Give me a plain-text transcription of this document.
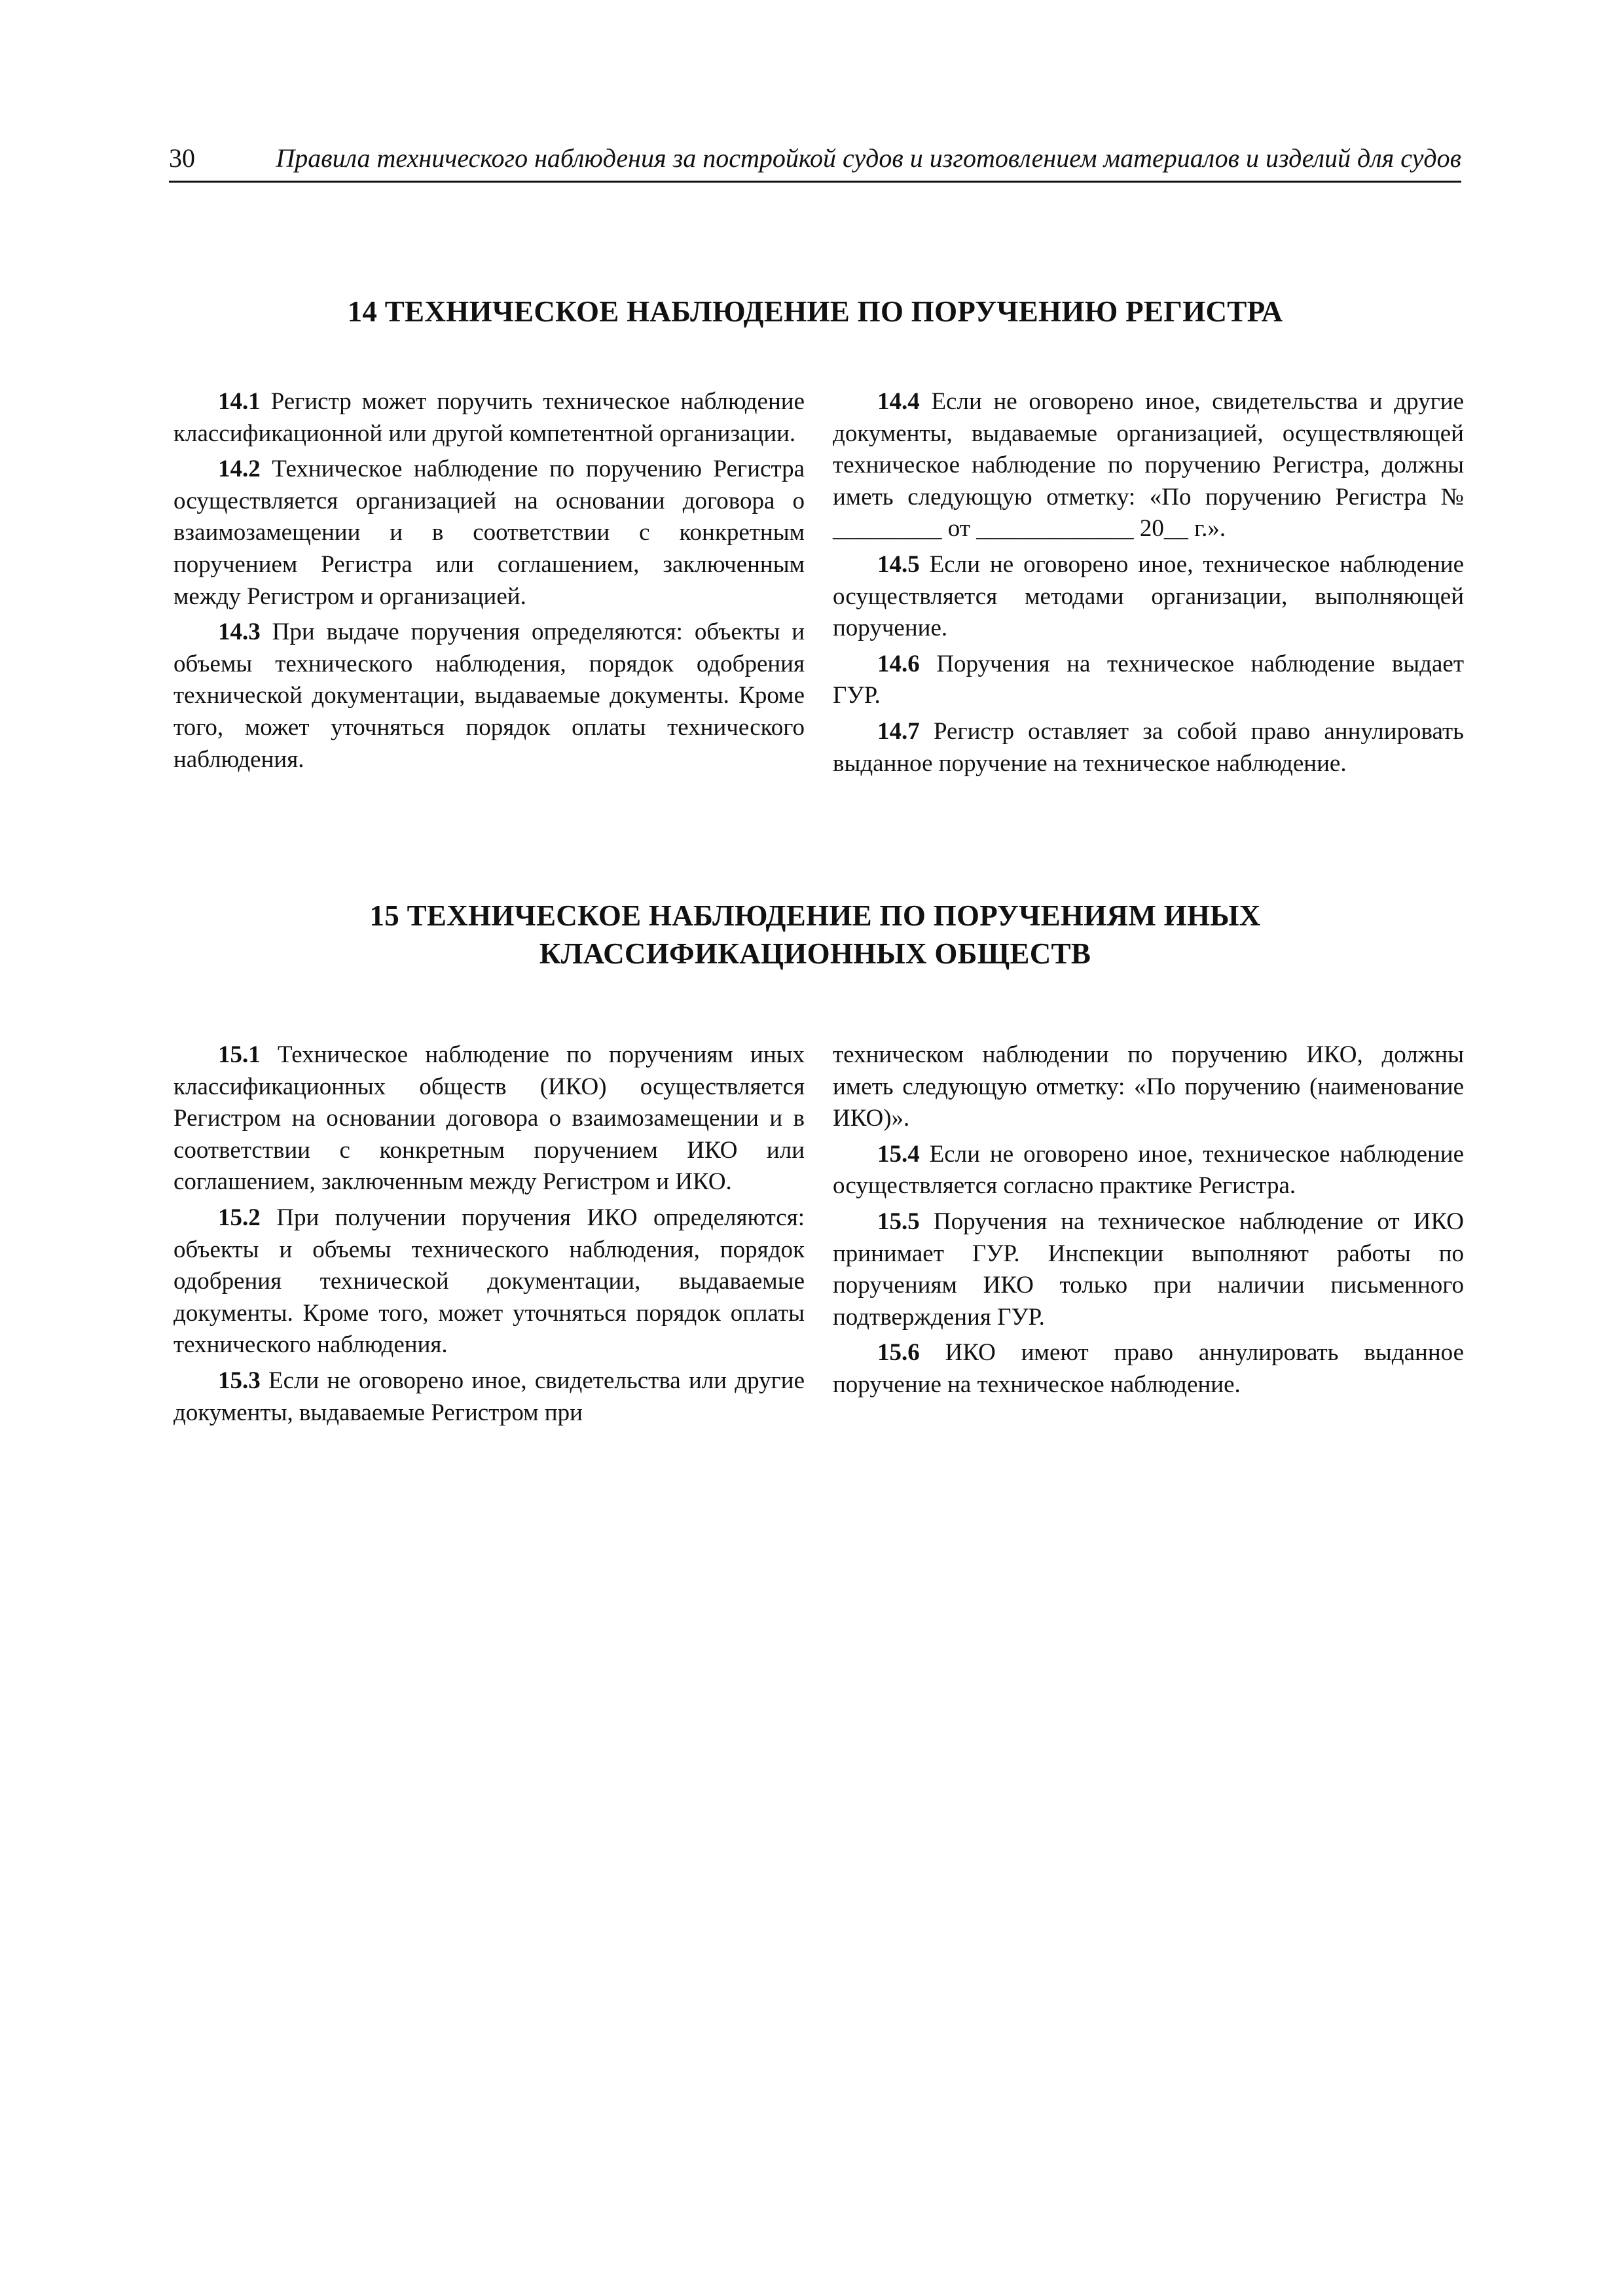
30	Правила технического наблюдения за постройкой судов и изготовлением материалов и изделий для судов
14 ТЕХНИЧЕСКОЕ НАБЛЮДЕНИЕ ПО ПОРУЧЕНИЮ РЕГИСТРА

14.1 Регистр может поручить техническое наблюдение классификационной или другой компетентной организации.

14.2 Техническое наблюдение по поручению Регистра осуществляется организацией на основании договора о взаимозамещении и в соответствии с конкретным поручением Регистра или соглашением, заключенным между Регистром и организацией.

14.3 При выдаче поручения определяются: объекты и объемы технического наблюдения, порядок одобрения технической документации, выдаваемые документы. Кроме того, может уточняться порядок оплаты технического наблюдения.

14.4 Если не оговорено иное, свидетельства и другие документы, выдаваемые организацией, осуществляющей техническое наблюдение по поручению Регистра, должны иметь следующую отметку: «По поручению Регистра № _________ от _____________ 20__ г.».

14.5 Если не оговорено иное, техническое наблюдение осуществляется методами организации, выполняющей поручение.

14.6 Поручения на техническое наблюдение выдает ГУР.

14.7 Регистр оставляет за собой право аннулировать выданное поручение на техническое наблюдение.

15 ТЕХНИЧЕСКОЕ НАБЛЮДЕНИЕ ПО ПОРУЧЕНИЯМ ИНЫХ
КЛАССИФИКАЦИОННЫХ ОБЩЕСТВ

15.1 Техническое наблюдение по поручениям иных классификационных обществ (ИКО) осуществляется Регистром на основании договора о взаимозамещении и в соответствии с конкретным поручением ИКО или соглашением, заключенным между Регистром и ИКО.

15.2 При получении поручения ИКО определяются: объекты и объемы технического наблюдения, порядок одобрения технической документации, выдаваемые документы. Кроме того, может уточняться порядок оплаты технического наблюдения.

15.3 Если не оговорено иное, свидетельства или другие документы, выдаваемые Регистром при

техническом наблюдении по поручению ИКО, должны иметь следующую отметку: «По поручению (наименование ИКО)».

15.4 Если не оговорено иное, техническое наблюдение осуществляется согласно практике Регистра.

15.5 Поручения на техническое наблюдение от ИКО принимает ГУР. Инспекции выполняют работы по поручениям ИКО только при наличии письменного подтверждения ГУР.

15.6 ИКО имеют право аннулировать выданное поручение на техническое наблюдение.
